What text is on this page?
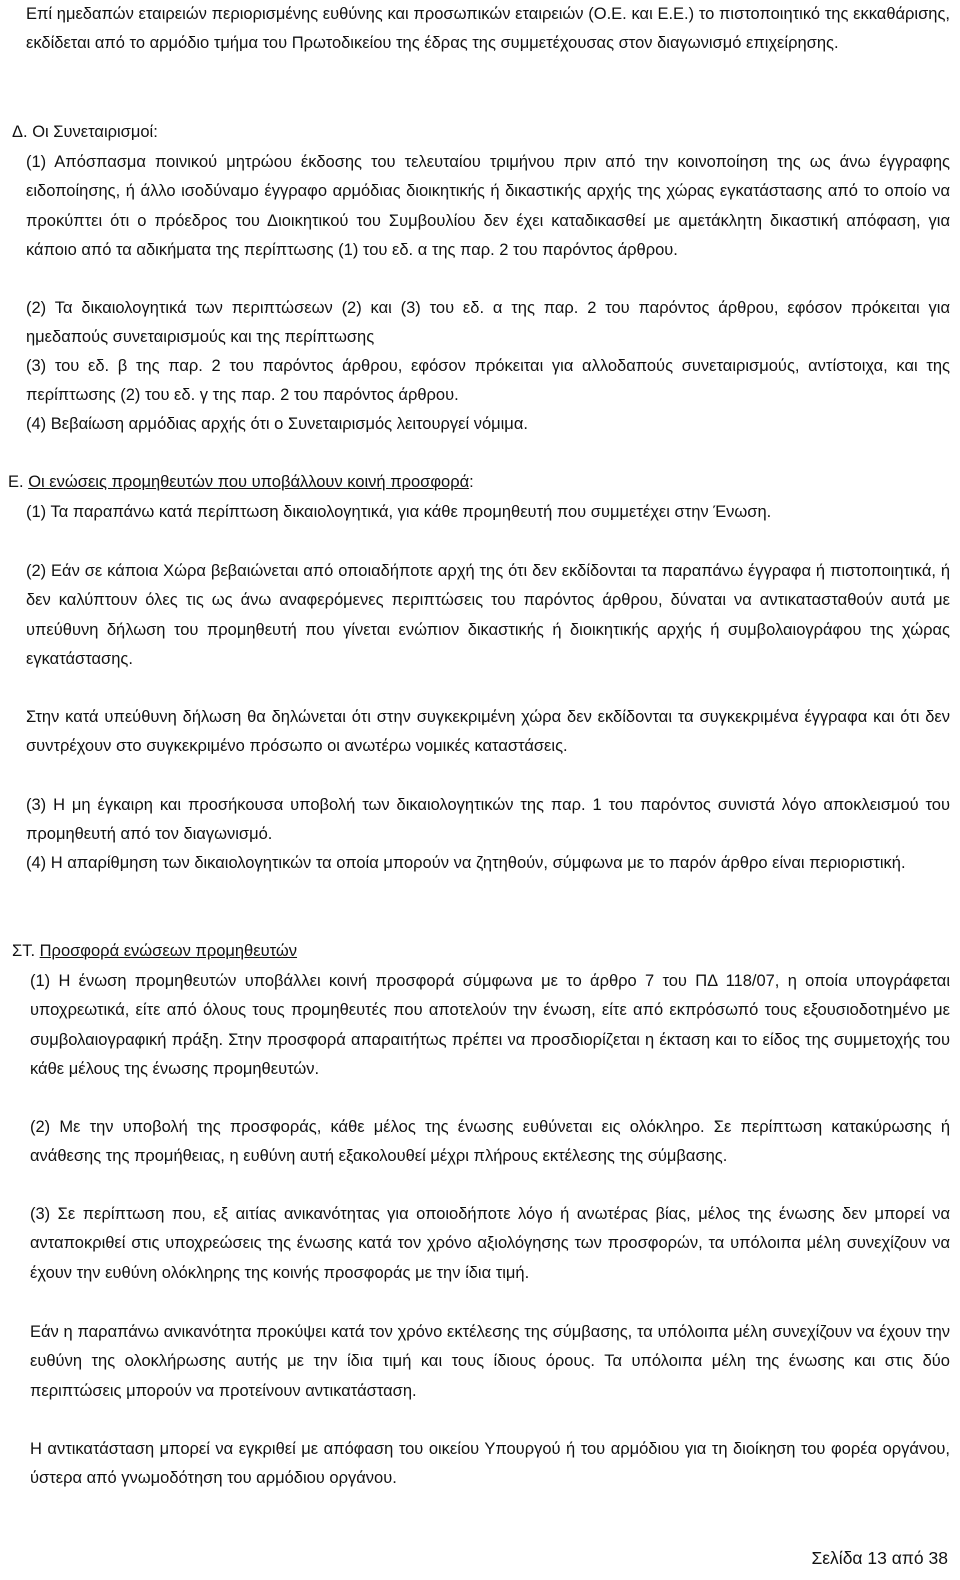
Επί ημεδαπών εταιρειών περιορισμένης ευθύνης και προσωπικών εταιρειών (Ο.Ε. και Ε.Ε.) το πιστοποιητικό της εκκαθάρισης, εκδίδεται από το αρμόδιο τμήμα του Πρωτοδικείου της έδρας της συμμετέχουσας στον διαγωνισμό επιχείρησης.

Δ. Οι Συνεταιρισμοί:

(1) Απόσπασμα ποινικού μητρώου έκδοσης του τελευταίου τριμήνου πριν από την κοινοποίηση της ως άνω έγγραφης ειδοποίησης, ή άλλο ισοδύναμο έγγραφο αρμόδιας διοικητικής ή δικαστικής αρχής της χώρας εγκατάστασης από το οποίο να προκύπτει ότι ο πρόεδρος του Διοικητικού του Συμβουλίου δεν έχει καταδικασθεί με αμετάκλητη δικαστική απόφαση, για κάποιο από τα αδικήματα της περίπτωσης (1) του εδ. α της παρ. 2 του παρόντος άρθρου.

(2) Τα δικαιολογητικά των περιπτώσεων (2) και (3) του εδ. α της παρ. 2 του παρόντος άρθρου, εφόσον πρόκειται για ημεδαπούς συνεταιρισμούς και της περίπτωσης

(3) του εδ. β της παρ. 2 του παρόντος άρθρου, εφόσον πρόκειται για αλλοδαπούς συνεταιρισμούς, αντίστοιχα, και της περίπτωσης (2) του εδ. γ της παρ. 2 του παρόντος άρθρου.

(4) Βεβαίωση αρμόδιας αρχής ότι ο Συνεταιρισμός λειτουργεί νόμιμα.

Ε. Οι ενώσεις προμηθευτών που υποβάλλουν κοινή προσφορά:

(1) Τα παραπάνω κατά περίπτωση δικαιολογητικά, για κάθε προμηθευτή που συμμετέχει στην Ένωση.

(2) Εάν σε κάποια Χώρα βεβαιώνεται από οποιαδήποτε αρχή της ότι δεν εκδίδονται τα παραπάνω έγγραφα ή πιστοποιητικά, ή δεν καλύπτουν όλες τις ως άνω αναφερόμενες περιπτώσεις του παρόντος άρθρου, δύναται να αντικατασταθούν αυτά με υπεύθυνη δήλωση του προμηθευτή που γίνεται ενώπιον δικαστικής ή διοικητικής αρχής ή συμβολαιογράφου της χώρας εγκατάστασης.

Στην κατά υπεύθυνη δήλωση θα δηλώνεται ότι στην συγκεκριμένη χώρα δεν εκδίδονται τα συγκεκριμένα έγγραφα και ότι δεν συντρέχουν στο συγκεκριμένο πρόσωπο οι ανωτέρω νομικές καταστάσεις.

(3) Η μη έγκαιρη και προσήκουσα υποβολή των δικαιολογητικών της παρ. 1 του παρόντος συνιστά λόγο αποκλεισμού του προμηθευτή από τον διαγωνισμό.

(4) Η απαρίθμηση των δικαιολογητικών τα οποία μπορούν να ζητηθούν, σύμφωνα με το παρόν άρθρο είναι περιοριστική.

ΣΤ. Προσφορά ενώσεων προμηθευτών

(1) Η ένωση προμηθευτών υποβάλλει κοινή προσφορά σύμφωνα με το άρθρο 7 του ΠΔ 118/07, η οποία υπογράφεται υποχρεωτικά, είτε από όλους τους προμηθευτές που αποτελούν την ένωση, είτε από εκπρόσωπό τους εξουσιοδοτημένο με συμβολαιογραφική πράξη. Στην προσφορά απαραιτήτως πρέπει να προσδιορίζεται η έκταση και το είδος της συμμετοχής του κάθε μέλους της ένωσης προμηθευτών.

(2) Με την υποβολή της προσφοράς, κάθε μέλος της ένωσης ευθύνεται εις ολόκληρο. Σε περίπτωση κατακύρωσης ή ανάθεσης της προμήθειας, η ευθύνη αυτή εξακολουθεί μέχρι πλήρους εκτέλεσης της σύμβασης.

(3) Σε περίπτωση που, εξ αιτίας ανικανότητας για οποιοδήποτε λόγο ή ανωτέρας βίας, μέλος της ένωσης δεν μπορεί να ανταποκριθεί στις υποχρεώσεις της ένωσης κατά τον χρόνο αξιολόγησης των προσφορών, τα υπόλοιπα μέλη συνεχίζουν να έχουν την ευθύνη ολόκληρης της κοινής προσφοράς με την ίδια τιμή.

Εάν η παραπάνω ανικανότητα προκύψει κατά τον χρόνο εκτέλεσης της σύμβασης, τα υπόλοιπα μέλη συνεχίζουν να έχουν την ευθύνη της ολοκλήρωσης αυτής με την ίδια τιμή και τους ίδιους όρους. Τα υπόλοιπα μέλη της ένωσης και στις δύο περιπτώσεις μπορούν να προτείνουν αντικατάσταση.

Η αντικατάσταση μπορεί να εγκριθεί με απόφαση του οικείου Υπουργού ή του αρμόδιου για τη διοίκηση του φορέα οργάνου, ύστερα από γνωμοδότηση του αρμόδιου οργάνου.

Σελίδα 13 από 38
